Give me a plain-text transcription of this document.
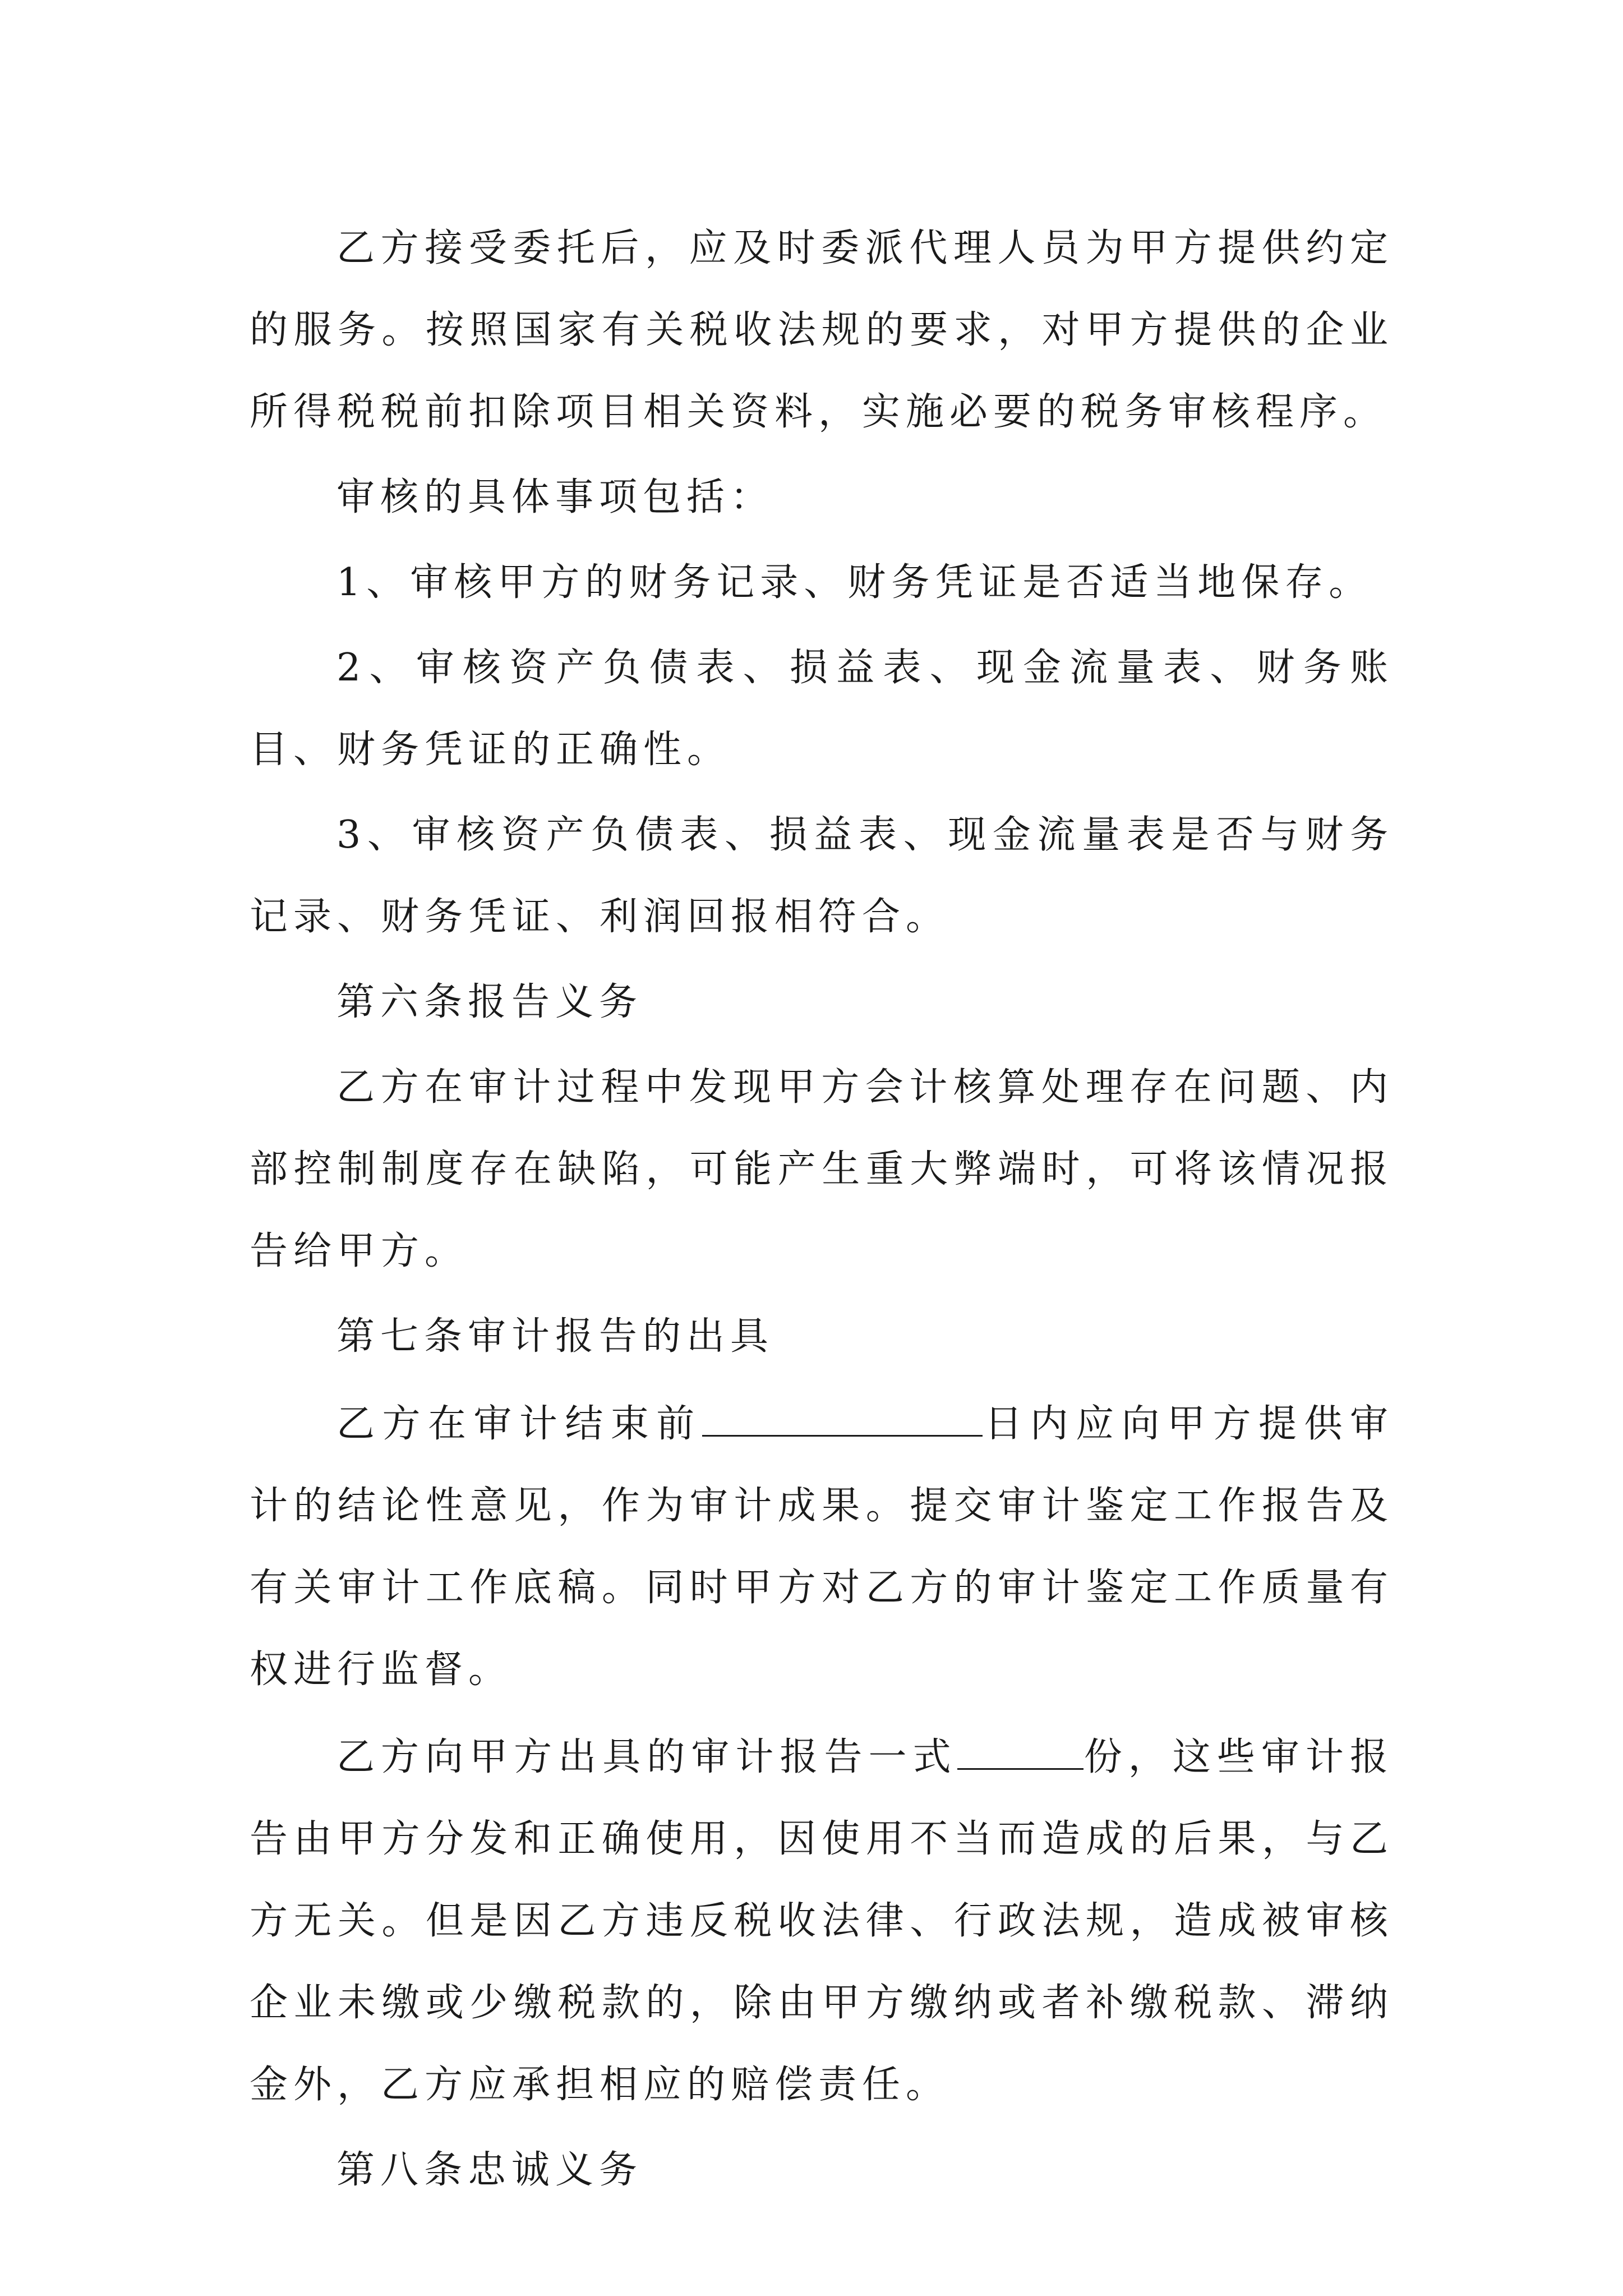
乙方接受委托后，应及时委派代理人员为甲方提供约定的服务。按照国家有关税收法规的要求，对甲方提供的企业所得税税前扣除项目相关资料，实施必要的税务审核程序。

审核的具体事项包括：

1、审核甲方的财务记录、财务凭证是否适当地保存。

2、审核资产负债表、损益表、现金流量表、财务账目、财务凭证的正确性。

3、审核资产负债表、损益表、现金流量表是否与财务记录、财务凭证、利润回报相符合。

第六条报告义务

乙方在审计过程中发现甲方会计核算处理存在问题、内部控制制度存在缺陷，可能产生重大弊端时，可将该情况报告给甲方。

第七条审计报告的出具

乙方在审计结束前	日内应向甲方提供审计的结论性意见，作为审计成果。提交审计鉴定工作报告及有关审计工作底稿。同时甲方对乙方的审计鉴定工作质量有权进行监督。

乙方向甲方出具的审计报告一式	份，这些审计报告由甲方分发和正确使用，因使用不当而造成的后果，与乙方无关。但是因乙方违反税收法律、行政法规，造成被审核企业未缴或少缴税款的，除由甲方缴纳或者补缴税款、滞纳金外，乙方应承担相应的赔偿责任。

第八条忠诚义务
